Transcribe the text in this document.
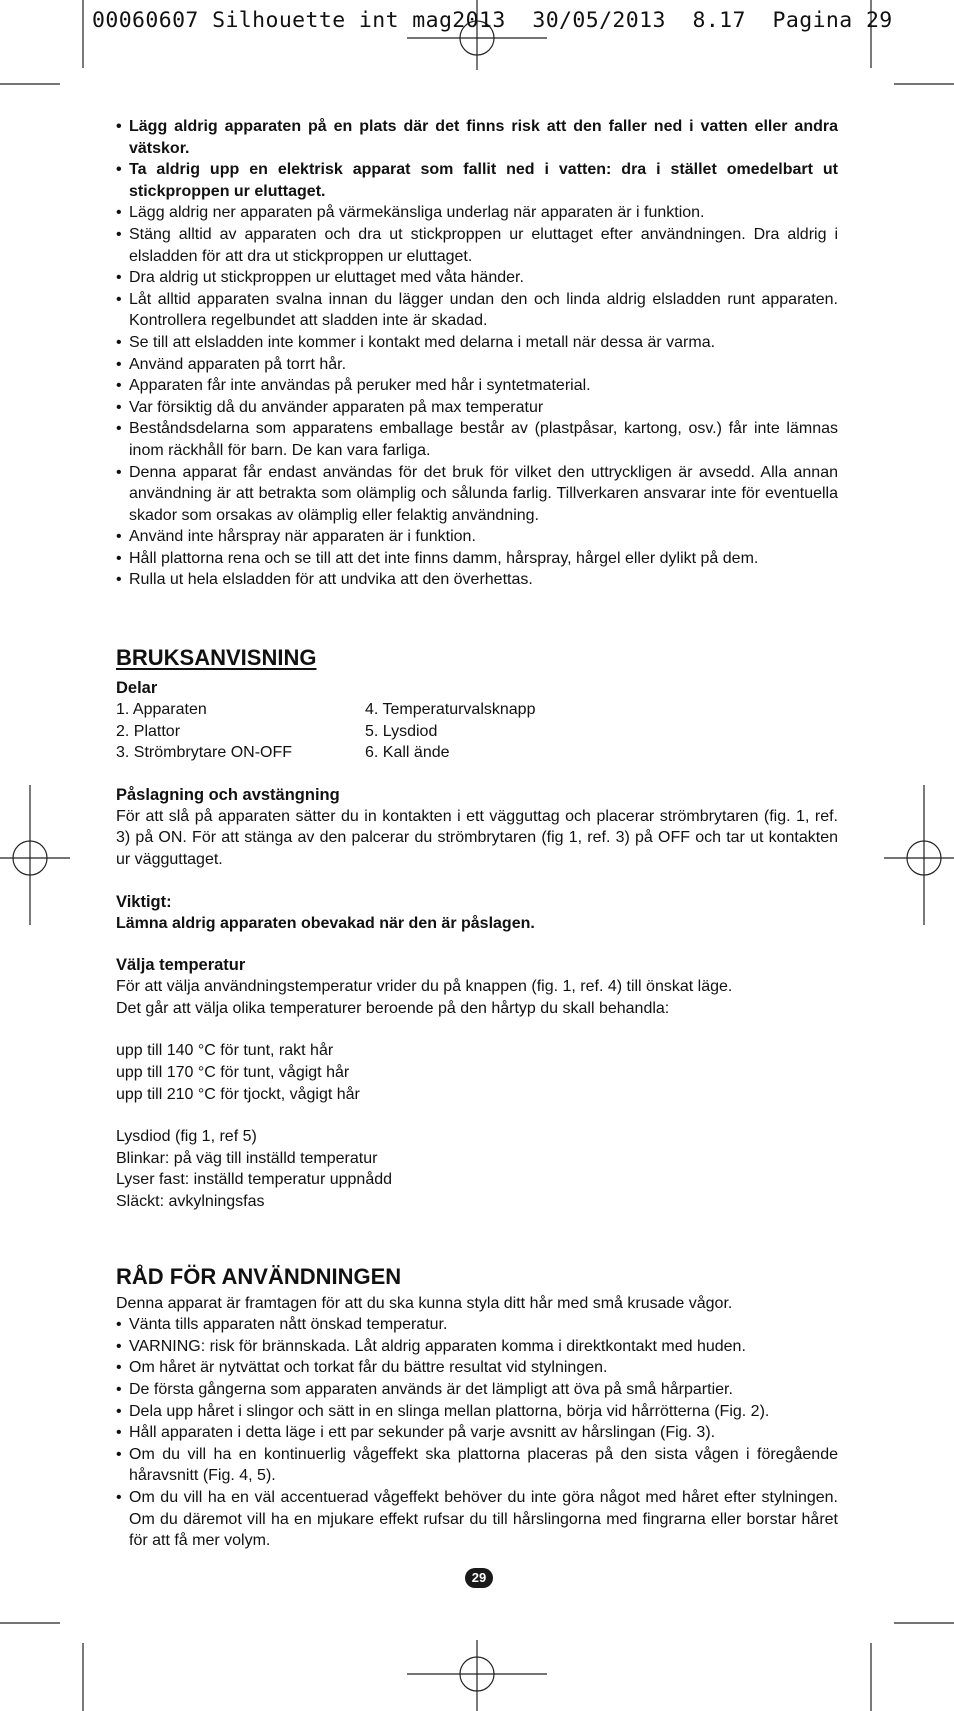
00060607 Silhouette int mag2013  30/05/2013  8.17  Pagina 29
• Lägg aldrig apparaten på en plats där det finns risk att den faller ned i vatten eller andra vätskor.
• Ta aldrig upp en elektrisk apparat som fallit ned i vatten: dra i stället omedelbart ut stickproppen ur eluttaget.
• Lägg aldrig ner apparaten på värmekänsliga underlag när apparaten är i funktion.
• Stäng alltid av apparaten och dra ut stickproppen ur eluttaget efter användningen. Dra aldrig i elsladden för att dra ut stickproppen ur eluttaget.
• Dra aldrig ut stickproppen ur eluttaget med våta händer.
• Låt alltid apparaten svalna innan du lägger undan den och linda aldrig elsladden runt apparaten. Kontrollera regelbundet att sladden inte är skadad.
• Se till att elsladden inte kommer i kontakt med delarna i metall när dessa är varma.
• Använd apparaten på torrt hår.
• Apparaten får inte användas på peruker med hår i syntetmaterial.
• Var försiktig då du använder apparaten på max temperatur
• Beståndsdelarna som apparatens emballage består av (plastpåsar, kartong, osv.) får inte lämnas inom räckhåll för barn. De kan vara farliga.
• Denna apparat får endast användas för det bruk för vilket den uttryckligen är avsedd. Alla annan användning är att betrakta som olämplig och sålunda farlig. Tillverkaren ansvarar inte för eventuella skador som orsakas av olämplig eller felaktig användning.
• Använd inte hårspray när apparaten är i funktion.
• Håll plattorna rena och se till att det inte finns damm, hårspray, hårgel eller dylikt på dem.
• Rulla ut hela elsladden för att undvika att den överhettas.
BRUKSANVISNING
Delar
1. Apparaten	4. Temperaturvalsknapp
2. Plattor	5. Lysdiod
3. Strömbrytare ON-OFF	6. Kall ände
Påslagning och avstängning

För att slå på apparaten sätter du in kontakten i ett vägguttag och placerar strömbrytaren (fig. 1, ref. 3) på ON. För att stänga av den palcerar du strömbrytaren (fig 1, ref. 3) på OFF och tar ut kontakten ur vägguttaget.

Viktigt:

Lämna aldrig apparaten obevakad när den är påslagen.

Välja temperatur

För att välja användningstemperatur vrider du på knappen (fig. 1, ref. 4) till önskat läge.

Det går att välja olika temperaturer beroende på den hårtyp du skall behandla:

upp till 140 °C för tunt, rakt hår
upp till 170 °C för tunt, vågigt hår
upp till 210 °C för tjockt, vågigt hår
Lysdiod (fig 1, ref 5)
Blinkar: på väg till inställd temperatur
Lyser fast: inställd temperatur uppnådd
Släckt: avkylningsfas
RÅD FÖR ANVÄNDNINGEN

Denna apparat är framtagen för att du ska kunna styla ditt hår med små krusade vågor.

• Vänta tills apparaten nått önskad temperatur.
• VARNING: risk för brännskada. Låt aldrig apparaten komma i direktkontakt med huden.
• Om håret är nytvättat och torkat får du bättre resultat vid stylningen.
• De första gångerna som apparaten används är det lämpligt att öva på små hårpartier.
• Dela upp håret i slingor och sätt in en slinga mellan plattorna, börja vid hårrötterna (Fig. 2).
• Håll apparaten i detta läge i ett par sekunder på varje avsnitt av hårslingan (Fig. 3).
• Om du vill ha en kontinuerlig vågeffekt ska plattorna placeras på den sista vågen i föregående håravsnitt (Fig. 4, 5).
• Om du vill ha en väl accentuerad vågeffekt behöver du inte göra något med håret efter stylningen. Om du däremot vill ha en mjukare effekt rufsar du till hårslingorna med fingrarna eller borstar håret för att få mer volym.
29
